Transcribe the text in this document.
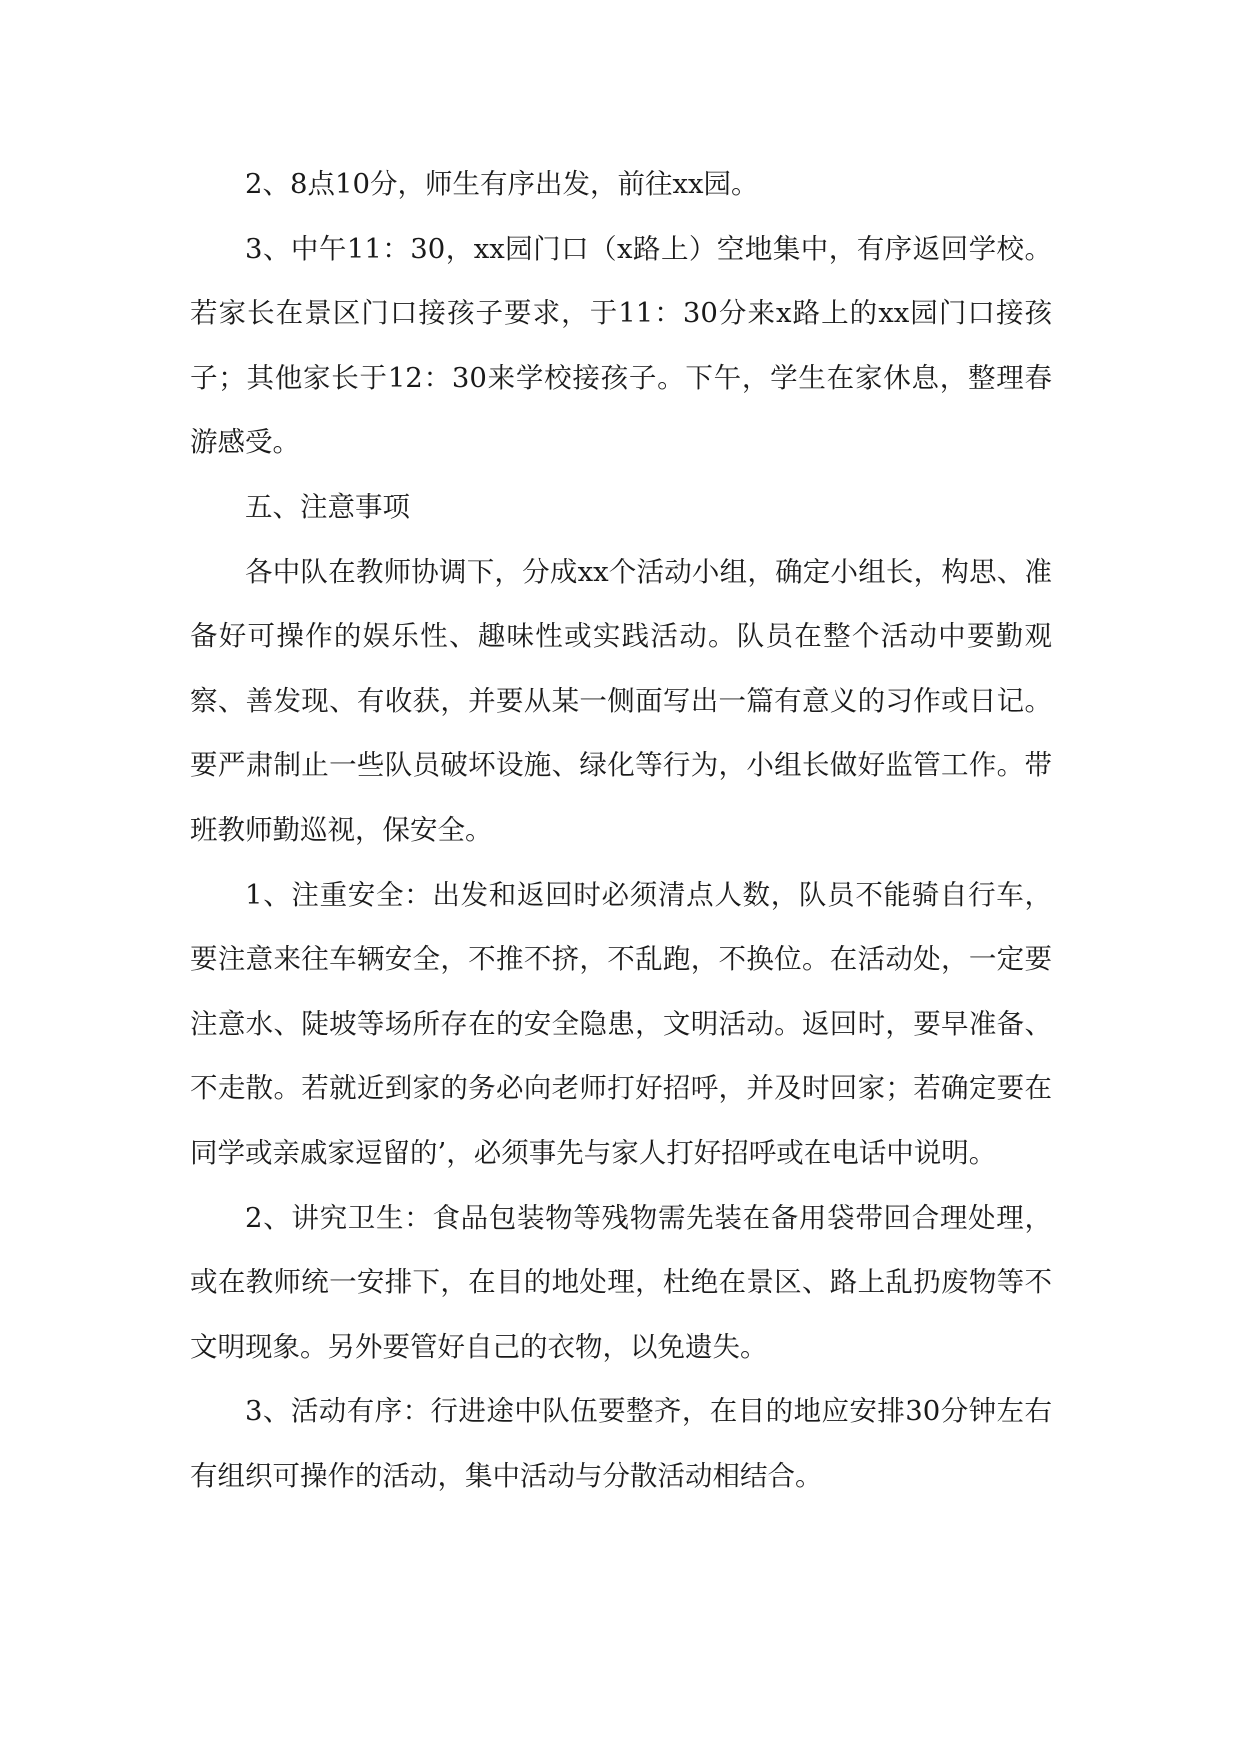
2、8点10分，师生有序出发，前往xx园。

3、中午11：30，xx园门口（x路上）空地集中，有序返回学校。若家长在景区门口接孩子要求，于11：30分来x路上的xx园门口接孩子；其他家长于12：30来学校接孩子。下午，学生在家休息，整理春游感受。

五、注意事项

各中队在教师协调下，分成xx个活动小组，确定小组长，构思、准备好可操作的娱乐性、趣味性或实践活动。队员在整个活动中要勤观察、善发现、有收获，并要从某一侧面写出一篇有意义的习作或日记。要严肃制止一些队员破坏设施、绿化等行为，小组长做好监管工作。带班教师勤巡视，保安全。

1、注重安全：出发和返回时必须清点人数，队员不能骑自行车，要注意来往车辆安全，不推不挤，不乱跑，不换位。在活动处，一定要注意水、陡坡等场所存在的安全隐患，文明活动。返回时，要早准备、不走散。若就近到家的务必向老师打好招呼，并及时回家；若确定要在同学或亲戚家逗留的’，必须事先与家人打好招呼或在电话中说明。

2、讲究卫生：食品包装物等残物需先装在备用袋带回合理处理，或在教师统一安排下，在目的地处理，杜绝在景区、路上乱扔废物等不文明现象。另外要管好自己的衣物，以免遗失。

3、活动有序：行进途中队伍要整齐，在目的地应安排30分钟左右有组织可操作的活动，集中活动与分散活动相结合。
